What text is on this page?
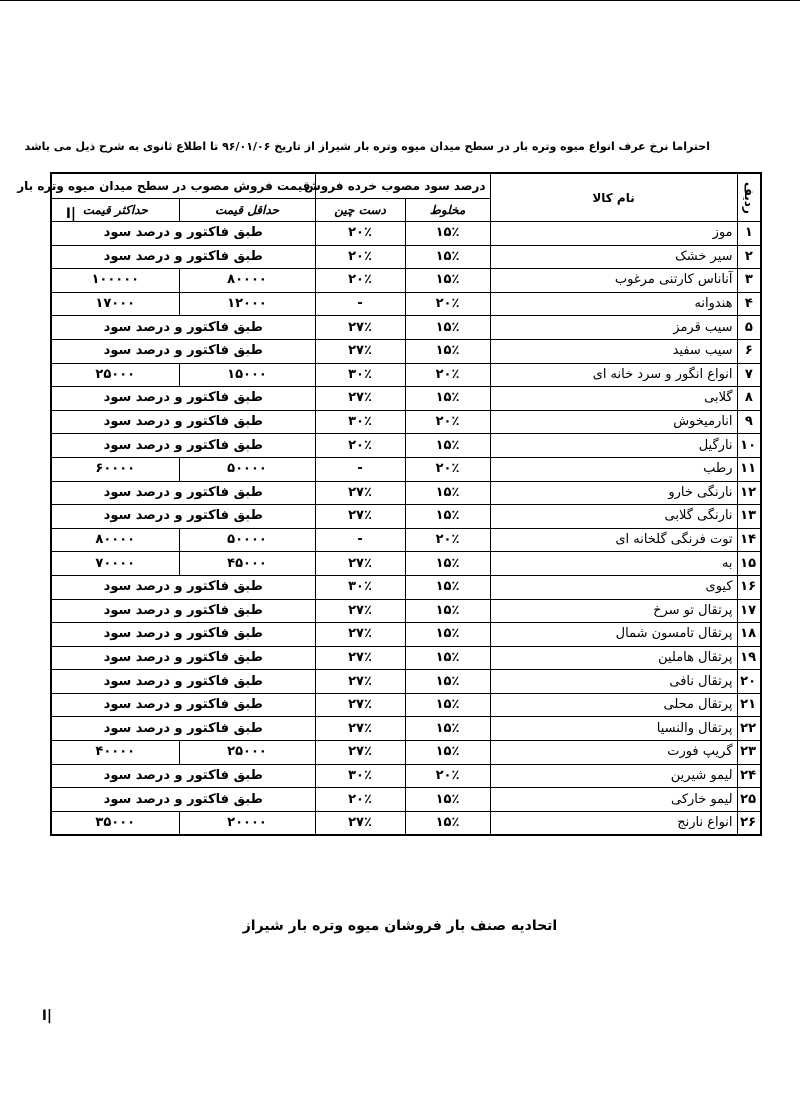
احتراما نرخ عرف انواع میوه وتره بار در سطح میدان میوه وتره بار شیراز از تاریخ ۹۶/۰۱/۰۶ تا اطلاع ثانوی به شرح ذیل می باشد
ردیف	نام کالا	درصد سود مصوب خرده فروش		قیمت فروش مصوب در سطح میدان میوه وتره بار	
		مخلوط	دست چین	حداقل قیمت	حداکثر قیمت
۱	موز	۱۵٪	۲۰٪	طبق فاکتور و درصد سود	
۲	سیر خشک	۱۵٪	۲۰٪	طبق فاکتور و درصد سود	
۳	آناناس کارتنی مرغوب	۱۵٪	۲۰٪	۸۰۰۰۰	۱۰۰۰۰۰
۴	هندوانه	۲۰٪	-	۱۲۰۰۰	۱۷۰۰۰
۵	سیب قرمز	۱۵٪	۲۷٪	طبق فاکتور و درصد سود	
۶	سیب سفید	۱۵٪	۲۷٪	طبق فاکتور و درصد سود	
۷	انواع انگور و سرد خانه ای	۲۰٪	۳۰٪	۱۵۰۰۰	۲۵۰۰۰
۸	گلابی	۱۵٪	۲۷٪	طبق فاکتور و درصد سود	
۹	انارمیخوش	۲۰٪	۳۰٪	طبق فاکتور و درصد سود	
۱۰	نارگیل	۱۵٪	۲۰٪	طبق فاکتور و درصد سود	
۱۱	رطب	۲۰٪	-	۵۰۰۰۰	۶۰۰۰۰
۱۲	نارنگی خارو	۱۵٪	۲۷٪	طبق فاکتور و درصد سود	
۱۳	نارنگی گلابی	۱۵٪	۲۷٪	طبق فاکتور و درصد سود	
۱۴	توت فرنگی گلخانه ای	۲۰٪	-	۵۰۰۰۰	۸۰۰۰۰
۱۵	به	۱۵٪	۲۷٪	۴۵۰۰۰	۷۰۰۰۰
۱۶	کیوی	۱۵٪	۳۰٪	طبق فاکتور و درصد سود	
۱۷	پرتقال تو سرخ	۱۵٪	۲۷٪	طبق فاکتور و درصد سود	
۱۸	پرتقال تامسون شمال	۱۵٪	۲۷٪	طبق فاکتور و درصد سود	
۱۹	پرتقال هاملین	۱۵٪	۲۷٪	طبق فاکتور و درصد سود	
۲۰	پرتقال نافی	۱۵٪	۲۷٪	طبق فاکتور و درصد سود	
۲۱	پرتقال محلی	۱۵٪	۲۷٪	طبق فاکتور و درصد سود	
۲۲	پرتقال والنسیا	۱۵٪	۲۷٪	طبق فاکتور و درصد سود	
۲۳	گریپ فورت	۱۵٪	۲۷٪	۲۵۰۰۰	۴۰۰۰۰
۲۴	لیمو شیرین	۲۰٪	۳۰٪	طبق فاکتور و درصد سود	
۲۵	لیمو خارکی	۱۵٪	۲۰٪	طبق فاکتور و درصد سود	
۲۶	انواع نارنج	۱۵٪	۲۷٪	۲۰۰۰۰	۳۵۰۰۰
اتحادیه صنف بار فروشان میوه وتره بار شیراز
ا|
ا|
